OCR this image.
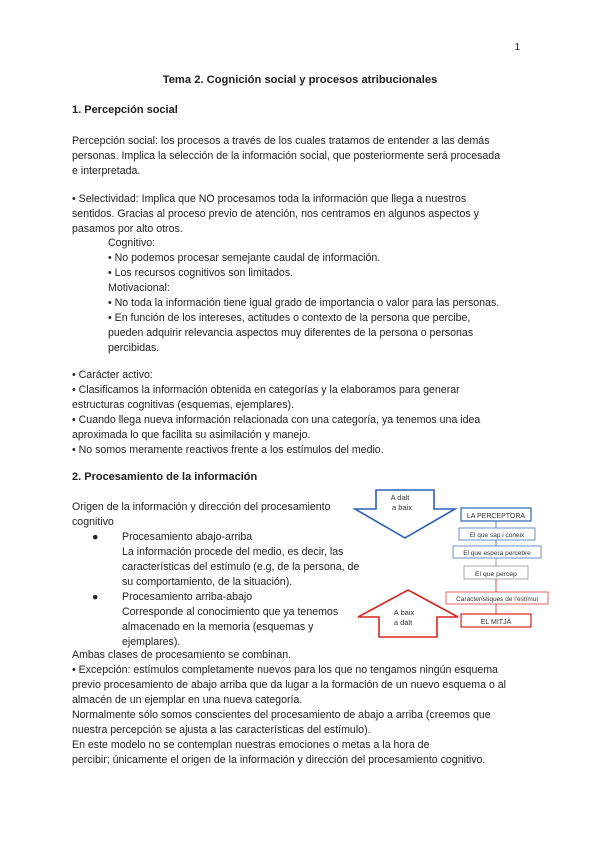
1
Tema 2. Cognición social y procesos atribucionales

1. Percepción social

Percepción social: los procesos a través de los cuales tratamos de entender a las demás

personas. Implica la selección de la información social, que posteriormente será procesada

e interpretada.

• Selectividad: Implica que NO procesamos toda la información que llega a nuestros

sentidos. Gracias al proceso previo de atención, nos centramos en algunos aspectos y

pasamos por alto otros.

Cognitivo:

• No podemos procesar semejante caudal de información.

• Los recursos cognitivos son limitados.

Motivacional:

• No toda la información tiene igual grado de importancia o valor para las personas.

• En función de los intereses, actitudes o contexto de la persona que percibe,

pueden adquirir relevancia aspectos muy diferentes de la persona o personas

percibidas.

• Carácter activo:

• Clasificamos la información obtenida en categorías y la elaboramos para generar

estructuras cognitivas (esquemas, ejemplares).

• Cuando llega nueva información relacionada con una categoría, ya tenemos una idea

aproximada lo que facilita su asimilación y manejo.

• No somos meramente reactivos frente a los estímulos del medio.

2. Procesamiento de la información

Origen de la información y dirección del procesamiento

cognitivo

● Procesamiento abajo-arriba

La información procede del medio, es decir, las

características del estímulo (e.g, de la persona, de

su comportamiento, de la situación).

● Procesamiento arriba-abajo

Corresponde al conocimiento que ya tenemos

almacenado en la memoria (esquemas y

ejemplares).

Ambas clases de procesamiento se combinan.

• Excepción: estímulos completamente nuevos para los que no tengamos ningún esquema

previo procesamiento de abajo arriba que da lugar a la formación de un nuevo esquema o al

almacén de un ejemplar en una nueva categoría.

Normalmente sólo somos conscientes del procesamiento de abajo a arriba (creemos que

nuestra percepción se ajusta a las características del estímulo).

En este modelo no se contemplan nuestras emociones o metas a la hora de

percibir; únicamente el origen de la información y dirección del procesamiento cognitivo.

A dalt
a baix
A baix
a dalt
LA PERCEPTORA
El que sap i coneix
El que espera percebre
El que percep
Característiques de l'estímul
EL MITJÀ
